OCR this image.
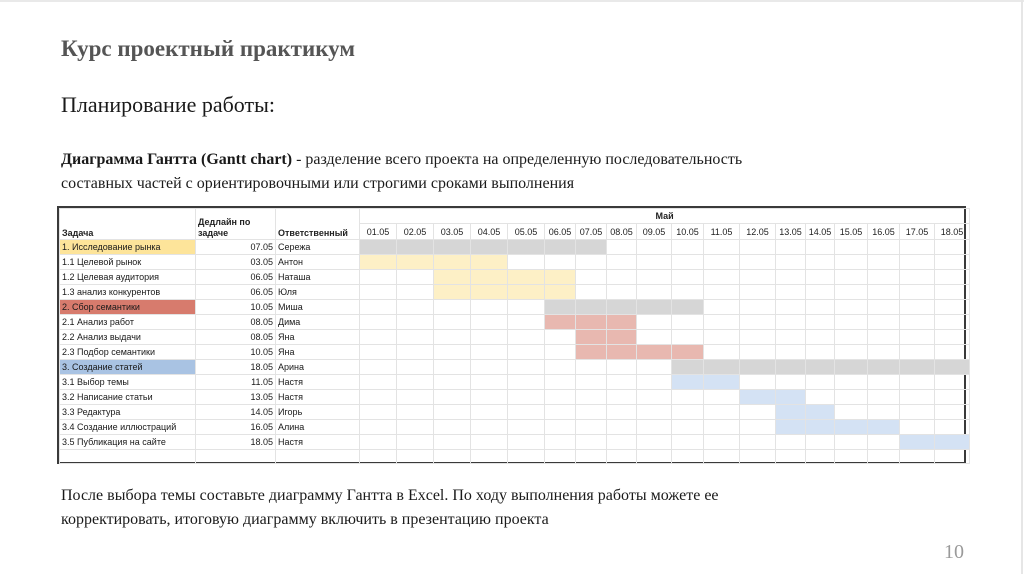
Курс проектный практикум
Планирование работы:
Диаграмма Гантта (Gantt chart) - разделение всего проекта на определенную последовательность
составных частей с ориентировочными или строгими сроками выполнения
Задача	Дедлайн по задаче	Ответственный	Май																	
			01.05	02.05	03.05	04.05	05.05	06.05	07.05	08.05	09.05	10.05	11.05	12.05	13.05	14.05	15.05	16.05	17.05	18.05
1. Исследование рынка	07.05	Сережа																		
1.1 Целевой рынок	03.05	Антон																		
1.2 Целевая аудитория	06.05	Наташа																		
1.3 анализ конкурентов	06.05	Юля																		
2. Сбор семантики	10.05	Миша																		
2.1 Анализ работ	08.05	Дима																		
2.2 Анализ выдачи	08.05	Яна																		
2.3 Подбор семантики	10.05	Яна																		
3. Создание статей	18.05	Арина																		
3.1 Выбор темы	11.05	Настя																		
3.2 Написание статьи	13.05	Настя																		
3.3 Редактура	14.05	Игорь																		
3.4 Создание иллюстраций	16.05	Алина																		
3.5 Публикация на сайте	18.05	Настя																		

После выбора темы составьте диаграмму Гантта в Excel. По ходу выполнения работы можете ее
корректировать, итоговую диаграмму включить в презентацию проекта
10
